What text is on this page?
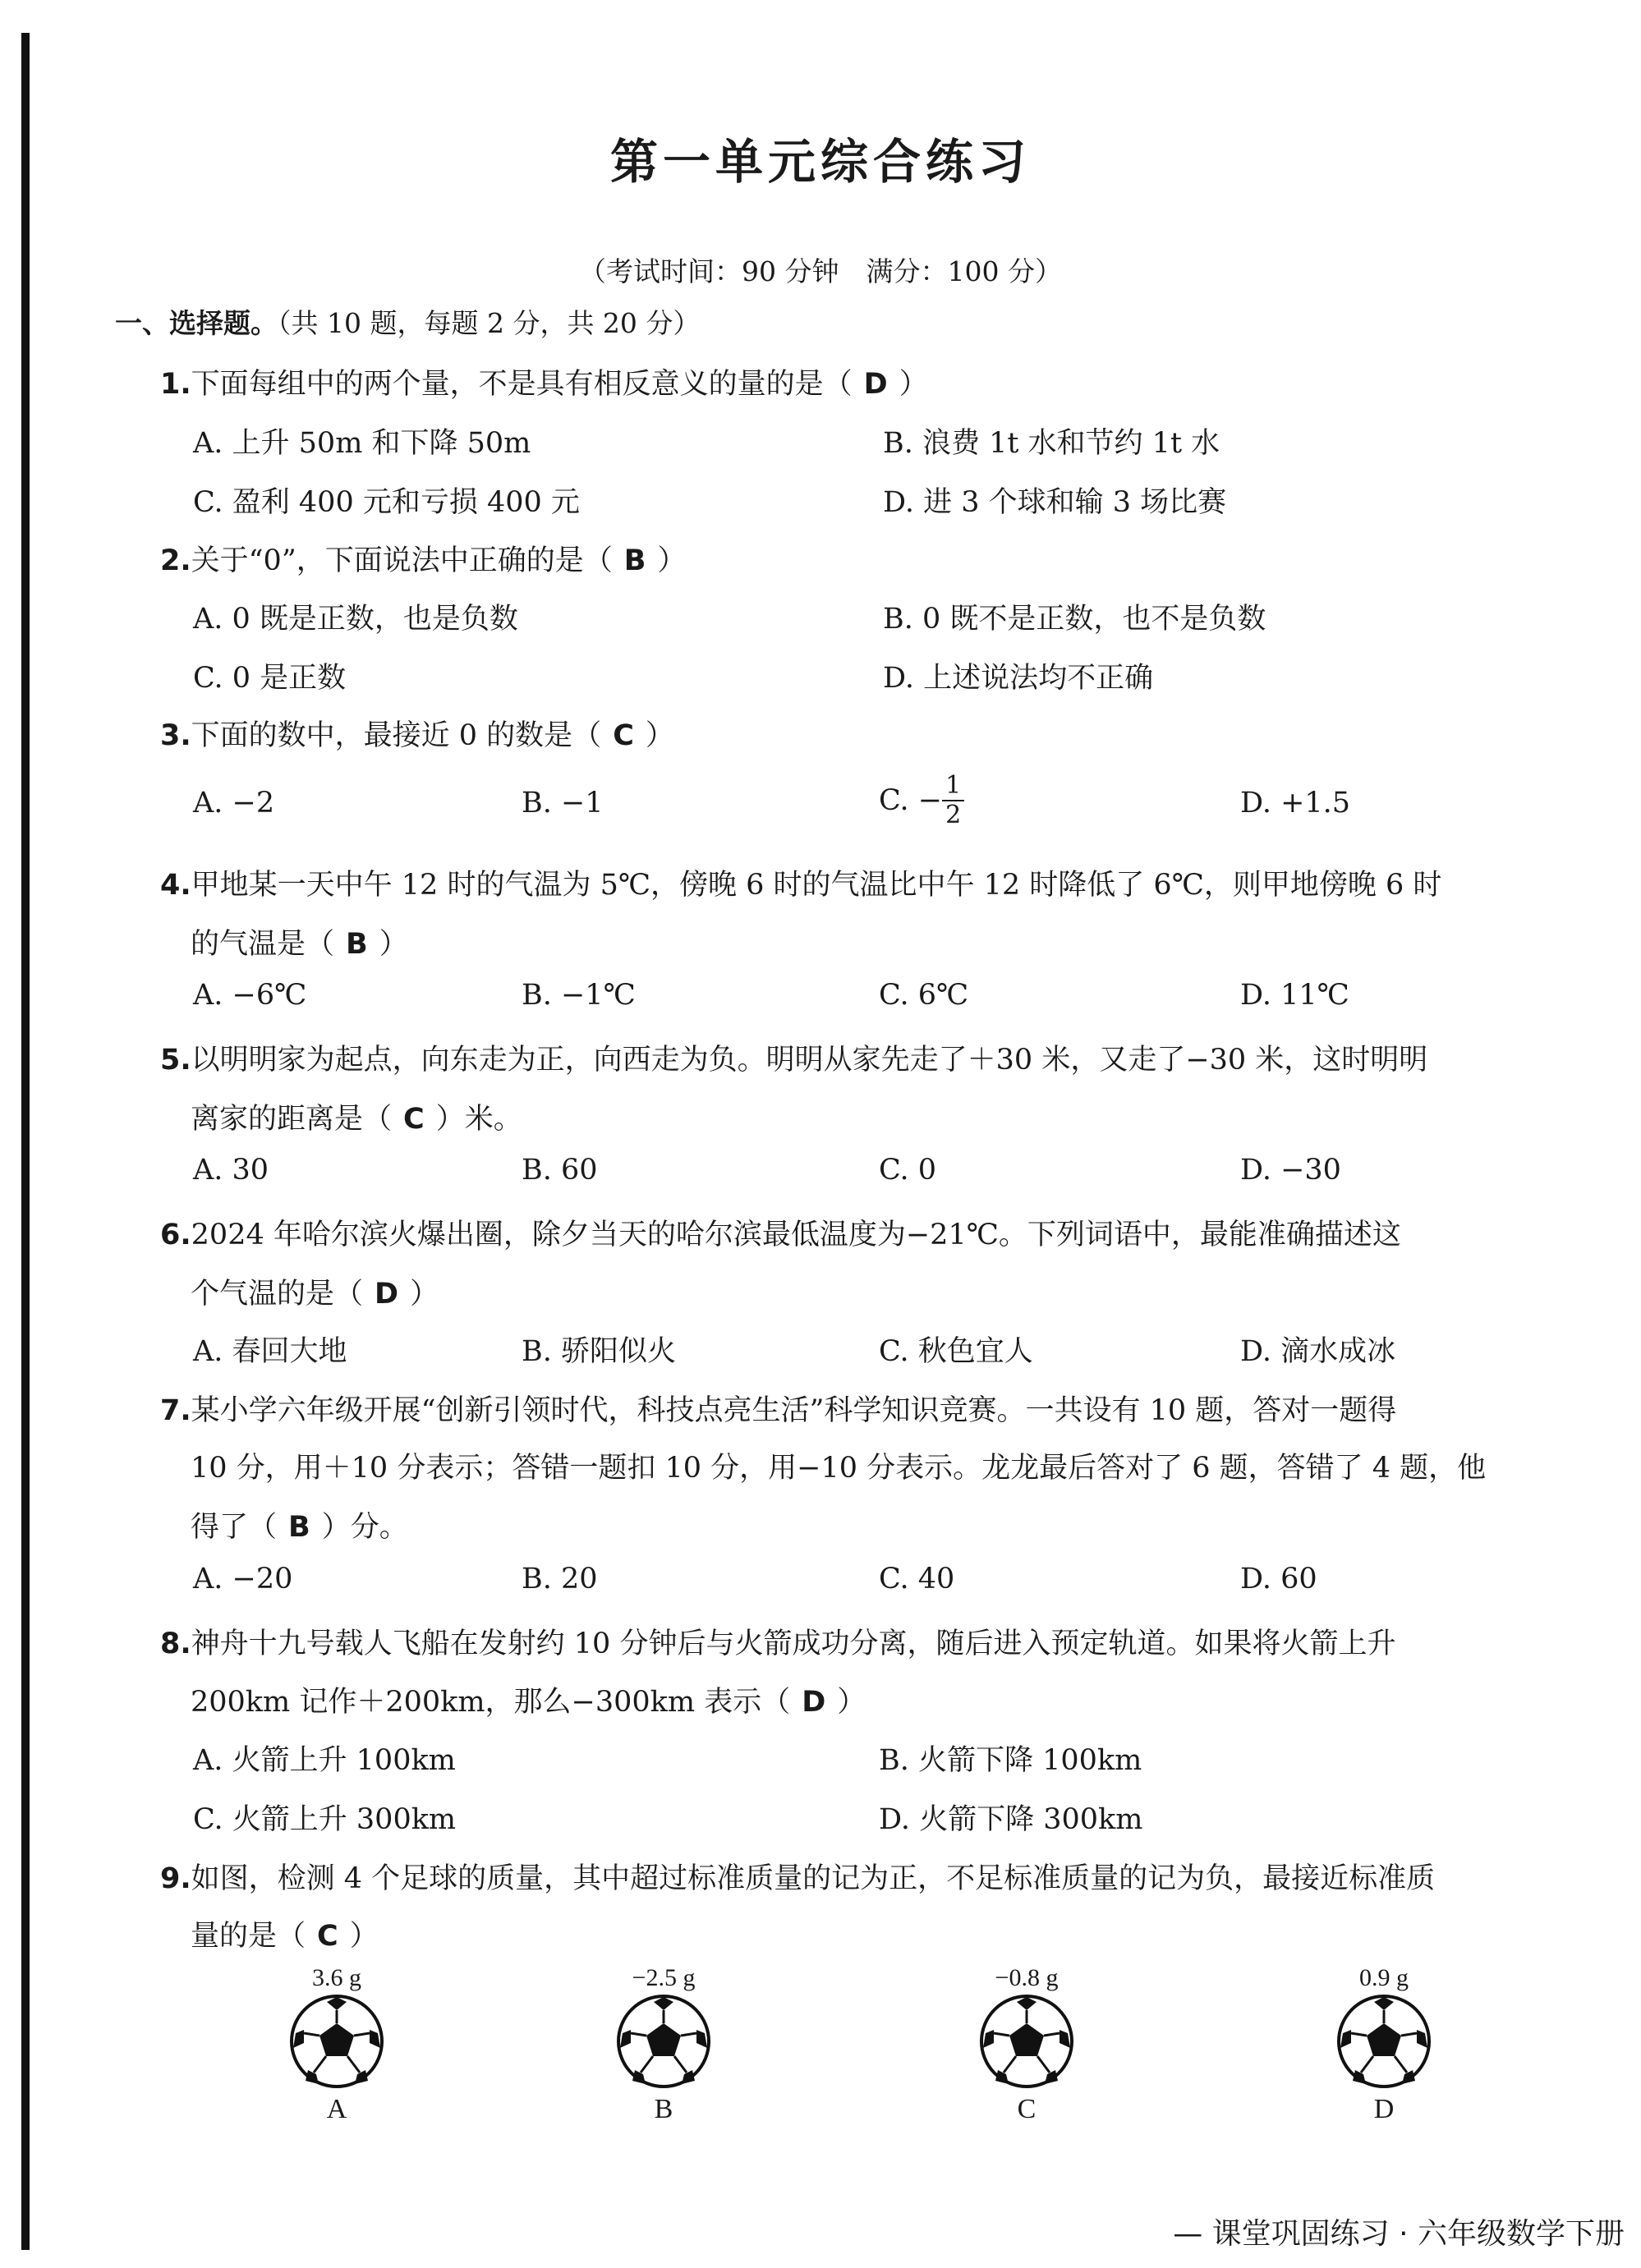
第一单元综合练习
（考试时间：90 分钟　满分：100 分）
一、选择题。（共 10 题，每题 2 分，共 20 分）
1.下面每组中的两个量，不是具有相反意义的量的是（ D ）
A. 上升 50m 和下降 50m	B. 浪费 1t 水和节约 1t 水
C. 盈利 400 元和亏损 400 元	D. 进 3 个球和输 3 场比赛
2.关于“0”，下面说法中正确的是（ B ）
A. 0 既是正数，也是负数	B. 0 既不是正数，也不是负数
C. 0 是正数	D. 上述说法均不正确
3.下面的数中，最接近 0 的数是（ C ）
A. −2	B. −1	C. − $\frac{1}{2}$	D. +1.5
4.甲地某一天中午 12 时的气温为 5℃，傍晚 6 时的气温比中午 12 时降低了 6℃，则甲地傍晚 6 时
的气温是（ B ）
A. −6℃	B. −1℃	C. 6℃	D. 11℃
5.以明明家为起点，向东走为正，向西走为负。明明从家先走了＋30 米，又走了−30 米，这时明明
离家的距离是（ C ）米。
A. 30	B. 60	C. 0	D. −30
6.2024 年哈尔滨火爆出圈，除夕当天的哈尔滨最低温度为−21℃。下列词语中，最能准确描述这
个气温的是（ D ）
A. 春回大地	B. 骄阳似火	C. 秋色宜人	D. 滴水成冰
7.某小学六年级开展“创新引领时代，科技点亮生活”科学知识竞赛。一共设有 10 题，答对一题得
10 分，用＋10 分表示；答错一题扣 10 分，用−10 分表示。龙龙最后答对了 6 题，答错了 4 题，他
得了（ B ）分。
A. −20	B. 20	C. 40	D. 60
8.神舟十九号载人飞船在发射约 10 分钟后与火箭成功分离，随后进入预定轨道。如果将火箭上升
200km 记作＋200km，那么−300km 表示（ D ）
A. 火箭上升 100km	B. 火箭下降 100km
C. 火箭上升 300km	D. 火箭下降 300km
9.如图，检测 4 个足球的质量，其中超过标准质量的记为正，不足标准质量的记为负，最接近标准质
量的是（ C ）
3.6 g
A
−2.5 g
B
−0.8 g
C
0.9 g
D
— 课堂巩固练习 · 六年级数学下册
